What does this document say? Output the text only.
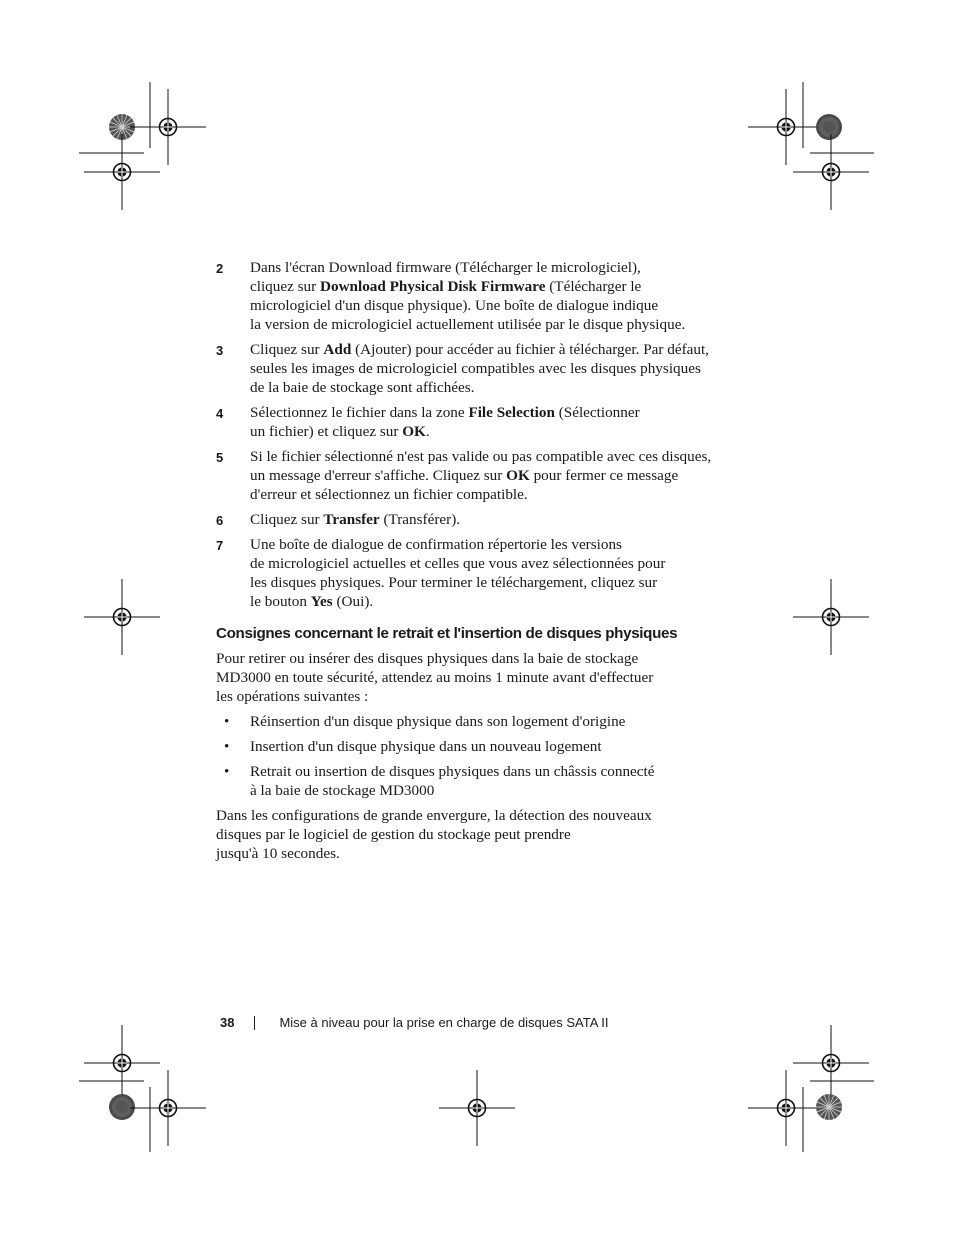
2 Dans l'écran Download firmware (Télécharger le micrologiciel),
cliquez sur Download Physical Disk Firmware (Télécharger le
micrologiciel d'un disque physique). Une boîte de dialogue indique
la version de micrologiciel actuellement utilisée par le disque physique.

3 Cliquez sur Add (Ajouter) pour accéder au fichier à télécharger. Par défaut,
seules les images de micrologiciel compatibles avec les disques physiques
de la baie de stockage sont affichées.

4 Sélectionnez le fichier dans la zone File Selection (Sélectionner
un fichier) et cliquez sur OK.

5 Si le fichier sélectionné n'est pas valide ou pas compatible avec ces disques,
un message d'erreur s'affiche. Cliquez sur OK pour fermer ce message
d'erreur et sélectionnez un fichier compatible.

6 Cliquez sur Transfer (Transférer).

7 Une boîte de dialogue de confirmation répertorie les versions
de micrologiciel actuelles et celles que vous avez sélectionnées pour
les disques physiques. Pour terminer le téléchargement, cliquez sur
le bouton Yes (Oui).

Consignes concernant le retrait et l'insertion de disques physiques

Pour retirer ou insérer des disques physiques dans la baie de stockage
MD3000 en toute sécurité, attendez au moins 1 minute avant d'effectuer
les opérations suivantes :

• Réinsertion d'un disque physique dans son logement d'origine

• Insertion d'un disque physique dans un nouveau logement

• Retrait ou insertion de disques physiques dans un châssis connecté
à la baie de stockage MD3000

Dans les configurations de grande envergure, la détection des nouveaux
disques par le logiciel de gestion du stockage peut prendre
jusqu'à 10 secondes.

38	Mise à niveau pour la prise en charge de disques SATA II
